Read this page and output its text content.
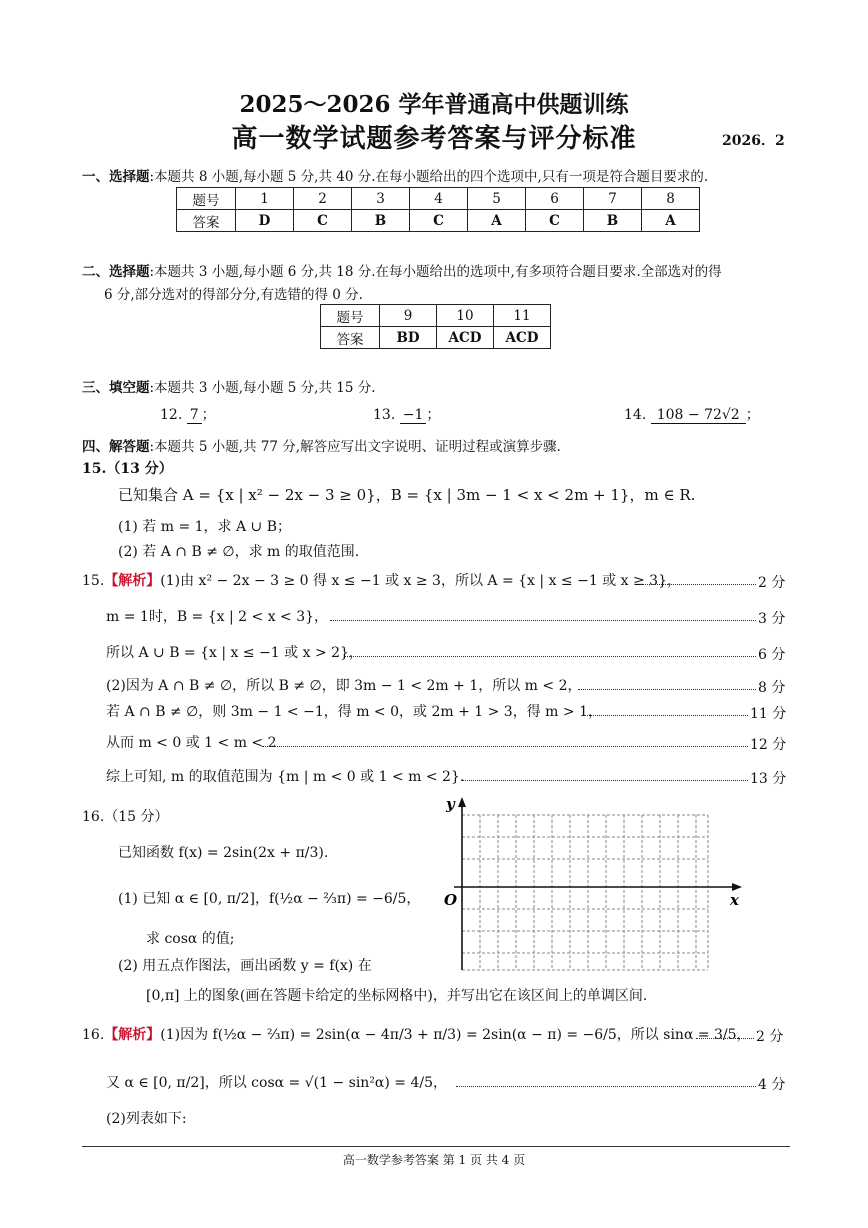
2025～2026 学年普通高中供题训练
高一数学试题参考答案与评分标准	2026．2
一、选择题:本题共 8 小题,每小题 5 分,共 40 分.在每小题给出的四个选项中,只有一项是符合题目要求的.
题号	1	2	3	4	5	6	7	8
答案	D	C	B	C	A	C	B	A
二、选择题:本题共 3 小题,每小题 6 分,共 18 分.在每小题给出的选项中,有多项符合题目要求.全部选对的得
6 分,部分选对的得部分分,有选错的得 0 分.
题号	9	10	11
答案	BD	ACD	ACD
三、填空题:本题共 3 小题,每小题 5 分,共 15 分.
12. 7 ；	13. −1 ；	14. 108 − 72√2 ；
四、解答题:本题共 5 小题,共 77 分,解答应写出文字说明、证明过程或演算步骤.
15.（13 分）
已知集合 A = {x | x² − 2x − 3 ≥ 0}，B = {x | 3m − 1 < x < 2m + 1}，m ∈ R.
(1) 若 m = 1，求 A ∪ B；
(2) 若 A ∩ B ≠ ∅，求 m 的取值范围.
15.【解析】(1)由 x² − 2x − 3 ≥ 0 得 x ≤ −1 或 x ≥ 3，所以 A = {x | x ≤ −1 或 x ≥ 3}，	2 分
m = 1时，B = {x | 2 < x < 3}，	3 分
所以 A ∪ B = {x | x ≤ −1 或 x > 2}，	6 分
(2)因为 A ∩ B ≠ ∅，所以 B ≠ ∅，即 3m − 1 < 2m + 1，所以 m < 2，	8 分
若 A ∩ B ≠ ∅，则 3m − 1 < −1，得 m < 0，或 2m + 1 > 3，得 m > 1，	11 分
从而 m < 0 或 1 < m < 2	12 分
综上可知, m 的取值范围为 {m | m < 0 或 1 < m < 2}.	13 分
16.（15 分）
已知函数 f(x) = 2sin(2x + π/3).
(1) 已知 α ∈ [0, π/2]，f(½α − ⅔π) = −6/5，
求 cosα 的值;
(2) 用五点作图法，画出函数 y = f(x) 在
[0,π] 上的图象(画在答题卡给定的坐标网格中)，并写出它在该区间上的单调区间.
y
x
O
16.【解析】(1)因为 f(½α − ⅔π) = 2sin(α − 4π/3 + π/3) = 2sin(α − π) = −6/5，所以 sinα = 3/5， 2 分
又 α ∈ [0, π/2]，所以 cosα = √(1 − sin²α) = 4/5，	4 分
(2)列表如下:
高一数学参考答案 第 1 页 共 4 页
